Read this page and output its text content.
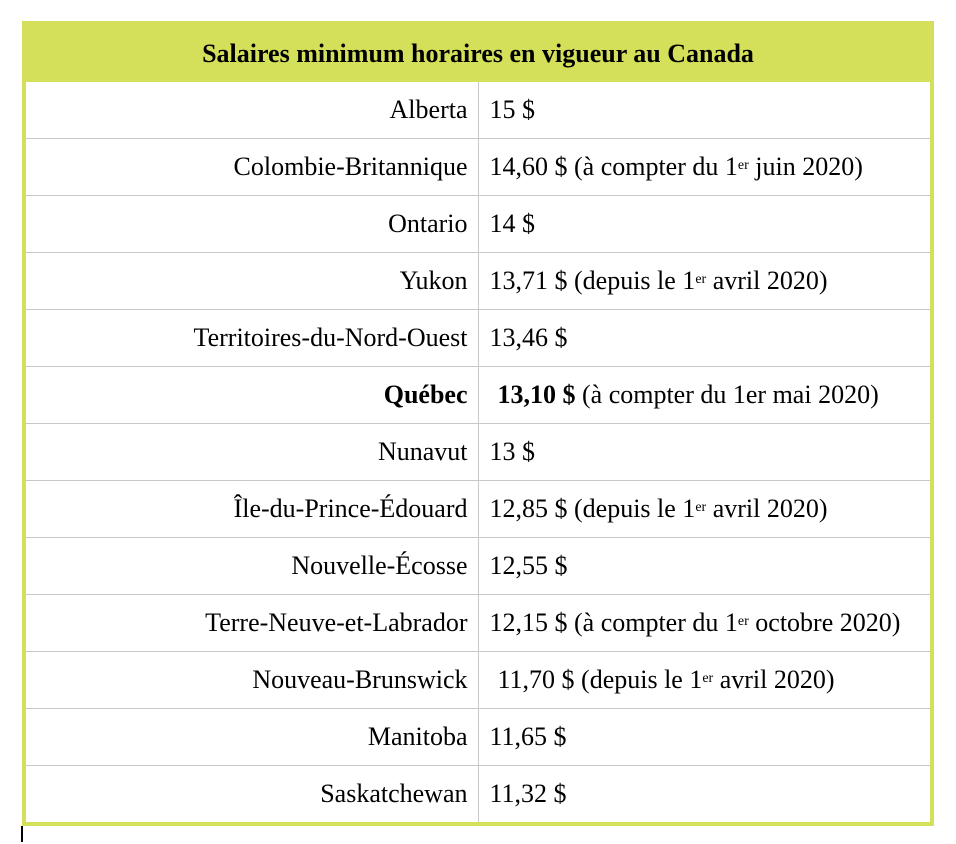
Salaires minimum horaires en vigueur au Canada	
Alberta	15 $
Colombie-Britannique	14,60 $ (à compter du 1er juin 2020)
Ontario	14 $
Yukon	13,71 $ (depuis le 1er avril 2020)
Territoires-du-Nord-Ouest	13,46 $
Québec	13,10 $ (à compter du 1er mai 2020)
Nunavut	13 $
Île-du-Prince-Édouard	12,85 $ (depuis le 1er avril 2020)
Nouvelle-Écosse	12,55 $
Terre-Neuve-et-Labrador	12,15 $ (à compter du 1er octobre 2020)
Nouveau-Brunswick	11,70 $ (depuis le 1er avril 2020)
Manitoba	11,65 $
Saskatchewan	11,32 $
